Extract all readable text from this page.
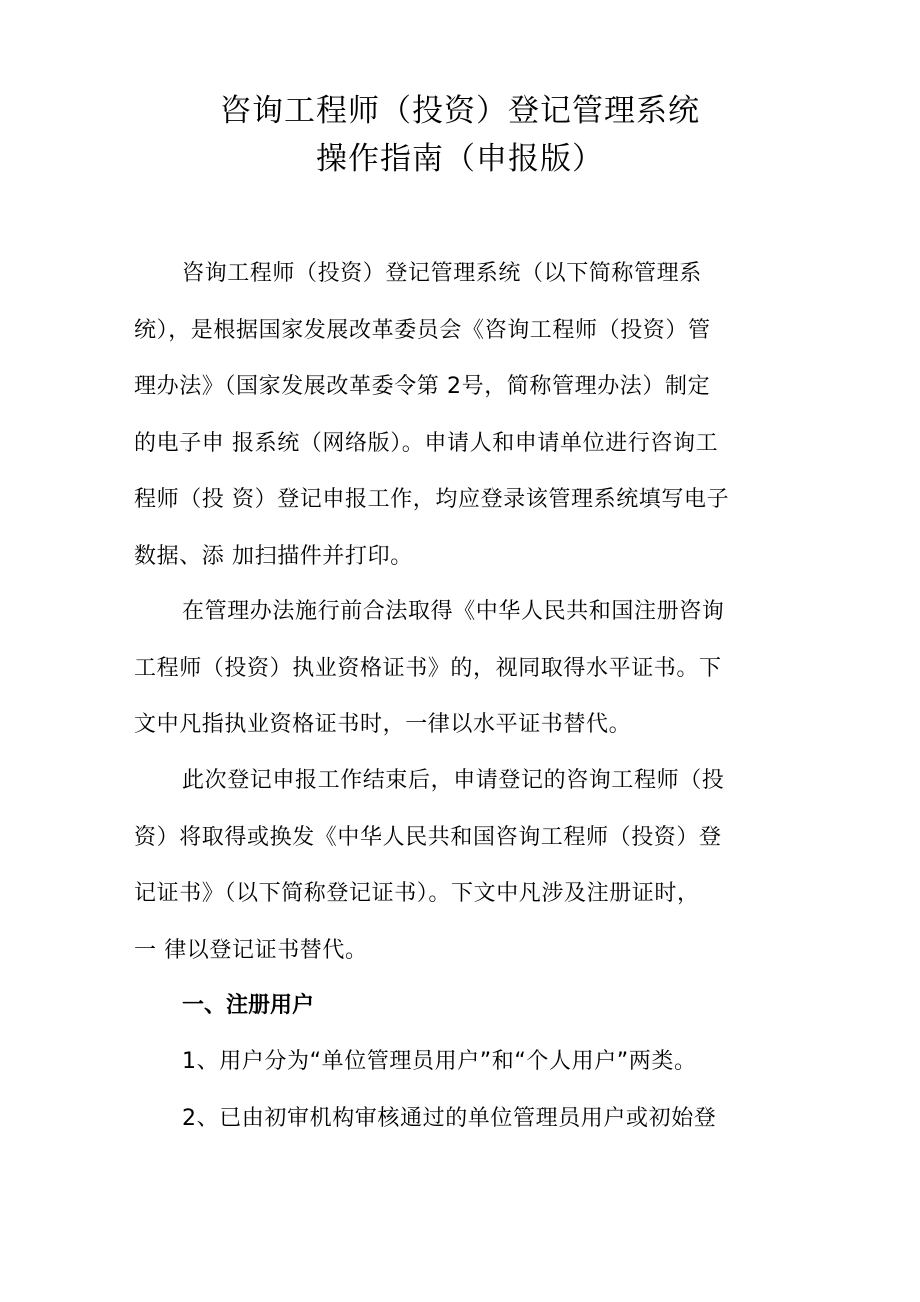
咨询工程师（投资）登记管理系统
操作指南（申报版）
咨询工程师（投资）登记管理系统（以下简称管理系
统），是根据国家发展改革委员会《咨询工程师（投资）管
理办法》（国家发展改革委令第 2号，简称管理办法）制定
的电子申 报系统（网络版）。申请人和申请单位进行咨询工
程师（投 资）登记申报工作，均应登录该管理系统填写电子
数据、添 加扫描件并打印。
在管理办法施行前合法取得《中华人民共和国注册咨询
工程师（投资）执业资格证书》的，视同取得水平证书。下
文中凡指执业资格证书时，一律以水平证书替代。
此次登记申报工作结束后，申请登记的咨询工程师（投
资）将取得或换发《中华人民共和国咨询工程师（投资）登
记证书》（以下简称登记证书）。下文中凡涉及注册证时，
一 律以登记证书替代。
一、注册用户
1、用户分为“单位管理员用户”和“个人用户”两类。
2、已由初审机构审核通过的单位管理员用户或初始登
